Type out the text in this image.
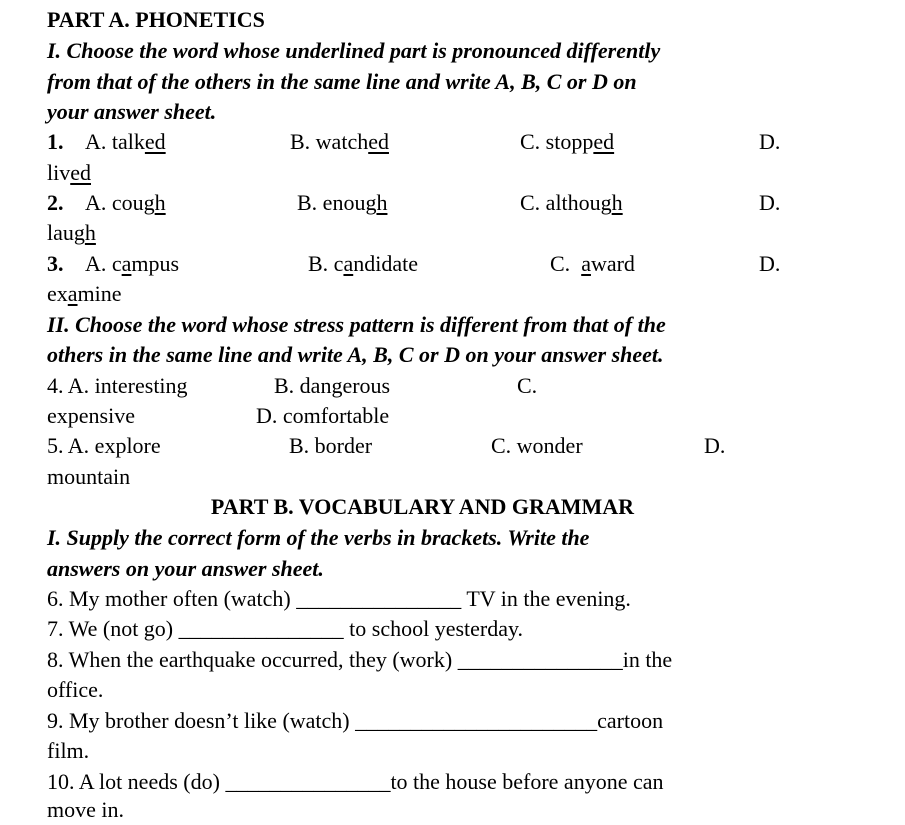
PART A. PHONETICS
I. Choose the word whose underlined part is pronounced differently
from that of the others in the same line and write A, B, C or D on
your answer sheet.
1. A. talked	B. watched	C. stopped	D.
lived
2. A. cough	B. enough	C. although	D.
laugh
3. A. campus	B. candidate	C.  award	D.
examine
II. Choose the word whose stress pattern is different from that of the
others in the same line and write A, B, C or D on your answer sheet.
4. A. interesting	B. dangerous	C.
expensive	D. comfortable
5. A. explore	B. border	C. wonder	D.
mountain
PART B. VOCABULARY AND GRAMMAR
I. Supply the correct form of the verbs in brackets. Write the
answers on your answer sheet.
6. My mother often (watch) _______________ TV in the evening.
7. We (not go) _______________ to school yesterday.
8. When the earthquake occurred, they (work) _______________in the
office.
9. My brother doesn’t like (watch) ______________________cartoon
film.
10. A lot needs (do) _______________to the house before anyone can
move in.
